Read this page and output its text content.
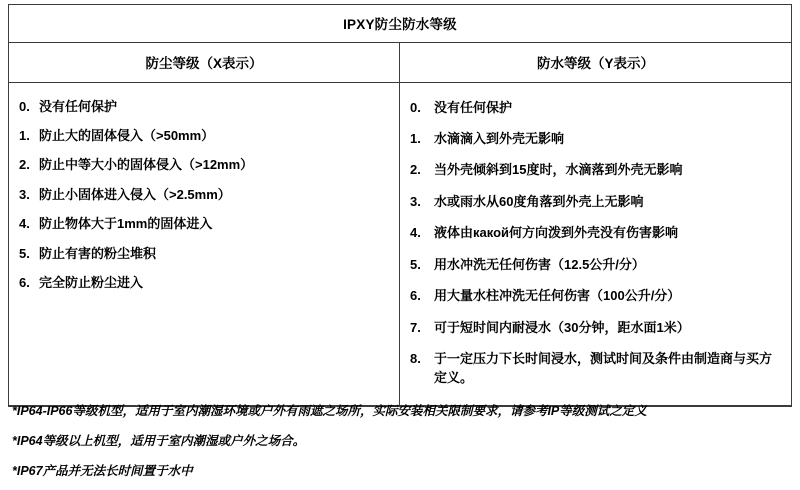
IPXY防尘防水等级
防尘等级（X表示）	防水等级（Y表示）
0. 没有任何保护
1. 防止大的固体侵入（>50mm）
2. 防止中等大小的固体侵入（>12mm）
3. 防止小固体进入侵入（>2.5mm）
4. 防止物体大于1mm的固体进入
5. 防止有害的粉尘堆积
6. 完全防止粉尘进入
0.	没有任何保护
1.	水滴滴入到外壳无影响
2.	当外壳倾斜到15度时，水滴落到外壳无影响
3.	水或雨水从60度角落到外壳上无影响
4.	液体由какой何方向泼到外壳没有伤害影响
5.	用水冲洗无任何伤害（12.5公升/分）
6.	用大量水柱冲洗无任何伤害（100公升/分）
7.	可于短时间内耐浸水（30分钟，距水面1米）
8.	于一定压力下长时间浸水，测试时间及条件由制造商与买方定义。
*IP64-IP66等级机型，适用于室内潮湿环境或户外有雨遮之场所，实际安装相关限制要求，请参考IP等级测试之定义
*IP64等级以上机型，适用于室内潮湿或户外之场合。
*IP67产品并无法长时间置于水中
